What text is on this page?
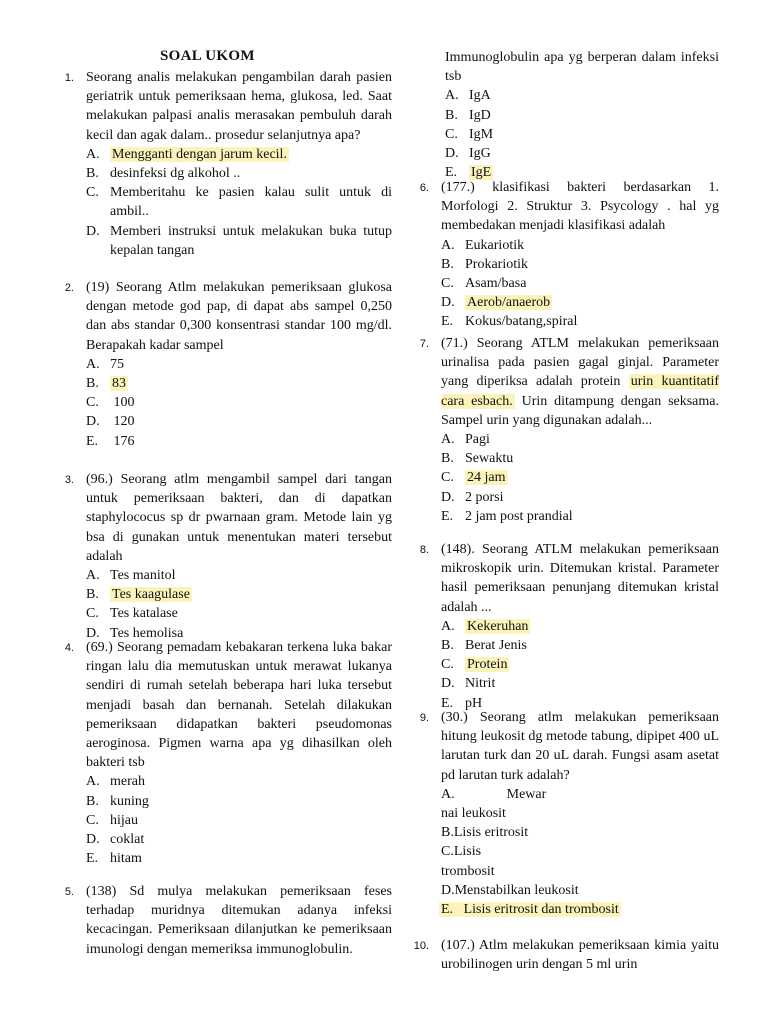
SOAL UKOM
1. Seorang analis melakukan pengambilan darah pasien geriatrik untuk pemeriksaan hema, glukosa, led. Saat melakukan palpasi analis merasakan pembuluh darah kecil dan agak dalam.. prosedur selanjutnya apa?
A. Mengganti dengan jarum kecil.
B. desinfeksi dg alkohol ..
C. Memberitahu ke pasien kalau sulit untuk di ambil..
D. Memberi instruksi untuk melakukan buka tutup kepalan tangan
2. (19) Seorang Atlm melakukan pemeriksaan glukosa dengan metode god pap, di dapat abs sampel 0,250 dan abs standar 0,300 konsentrasi standar 100 mg/dl. Berapakah kadar sampel
A. 75
B. 83
C. 100
D. 120
E. 176
3. (96.) Seorang atlm mengambil sampel dari tangan untuk pemeriksaan bakteri, dan di dapatkan staphylococus sp dr pwarnaan gram. Metode lain yg bsa di gunakan untuk menentukan materi tersebut adalah
A. Tes manitol
B. Tes kaagulase
C. Tes katalase
D. Tes hemolisa
4. (69.) Seorang pemadam kebakaran terkena luka bakar ringan lalu dia memutuskan untuk merawat lukanya sendiri di rumah setelah beberapa hari luka tersebut menjadi basah dan bernanah. Setelah dilakukan pemeriksaan didapatkan bakteri pseudomonas aeroginosa. Pigmen warna apa yg dihasilkan oleh bakteri tsb
A. merah
B. kuning
C. hijau
D. coklat
E. hitam
5. (138) Sd mulya melakukan pemeriksaan feses terhadap muridnya ditemukan adanya infeksi kecacingan. Pemeriksaan dilanjutkan ke pemeriksaan imunologi dengan memeriksa immunoglobulin.
Immunoglobulin apa yg berperan dalam infeksi tsb
A. IgA
B. IgD
C. IgM
D. IgG
E. IgE
6. (177.) klasifikasi bakteri berdasarkan 1. Morfologi 2. Struktur 3. Psycology . hal yg membedakan menjadi klasifikasi adalah
A. Eukariotik
B. Prokariotik
C. Asam/basa
D. Aerob/anaerob
E. Kokus/batang,spiral
7. (71.) Seorang ATLM melakukan pemeriksaan urinalisa pada pasien gagal ginjal. Parameter yang diperiksa adalah protein urin kuantitatif cara esbach. Urin ditampung dengan seksama. Sampel urin yang digunakan adalah...
A. Pagi
B. Sewaktu
C. 24 jam
D. 2 porsi
E. 2 jam post prandial
8. (148). Seorang ATLM melakukan pemeriksaan mikroskopik urin. Ditemukan kristal. Parameter hasil pemeriksaan penunjang ditemukan kristal adalah ...
A. Kekeruhan
B. Berat Jenis
C. Protein
D. Nitrit
E. pH
9. (30.) Seorang atlm melakukan pemeriksaan hitung leukosit dg metode tabung, dipipet 400 uL larutan turk dan 20 uL darah. Fungsi asam asetat pd larutan turk adalah?
A.	Mewar
nai leukosit
B.Lisis eritrosit
C.Lisis
trombosit
D.Menstabilkan leukosit
E. Lisis eritrosit dan trombosit
10. (107.) Atlm melakukan pemeriksaan kimia yaitu urobilinogen urin dengan 5 ml urin
